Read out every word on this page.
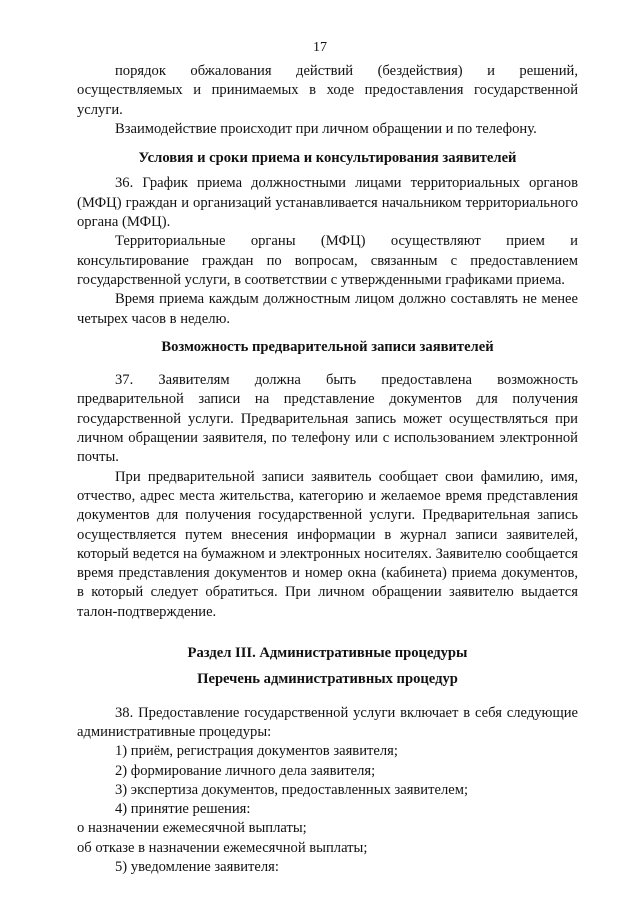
17

порядок обжалования действий (бездействия) и решений, осуществляемых и принимаемых в ходе предоставления государственной услуги.

Взаимодействие происходит при личном обращении и по телефону.

Условия и сроки приема и консультирования заявителей

36. График приема должностными лицами территориальных органов (МФЦ) граждан и организаций устанавливается начальником территориального органа (МФЦ).

Территориальные органы (МФЦ) осуществляют прием и консультирование граждан по вопросам, связанным с предоставлением государственной услуги, в соответствии с утвержденными графиками приема.

Время приема каждым должностным лицом должно составлять не менее четырех часов в неделю.

Возможность предварительной записи заявителей

37. Заявителям должна быть предоставлена возможность предварительной записи на представление документов для получения государственной услуги. Предварительная запись может осуществляться при личном обращении заявителя, по телефону или с использованием электронной почты.

При предварительной записи заявитель сообщает свои фамилию, имя, отчество, адрес места жительства, категорию и желаемое время представления документов для получения государственной услуги. Предварительная запись осуществляется путем внесения информации в журнал записи заявителей, который ведется на бумажном и электронных носителях. Заявителю сообщается время представления документов и номер окна (кабинета) приема документов, в который следует обратиться. При личном обращении заявителю выдается талон-подтверждение.

Раздел III. Административные процедуры

Перечень административных процедур

38. Предоставление государственной услуги включает в себя следующие административные процедуры:

1) приём, регистрация документов заявителя;

2) формирование личного дела заявителя;

3) экспертиза документов, предоставленных заявителем;

4) принятие решения:

о назначении ежемесячной выплаты;

об отказе в назначении ежемесячной выплаты;

5) уведомление заявителя:
